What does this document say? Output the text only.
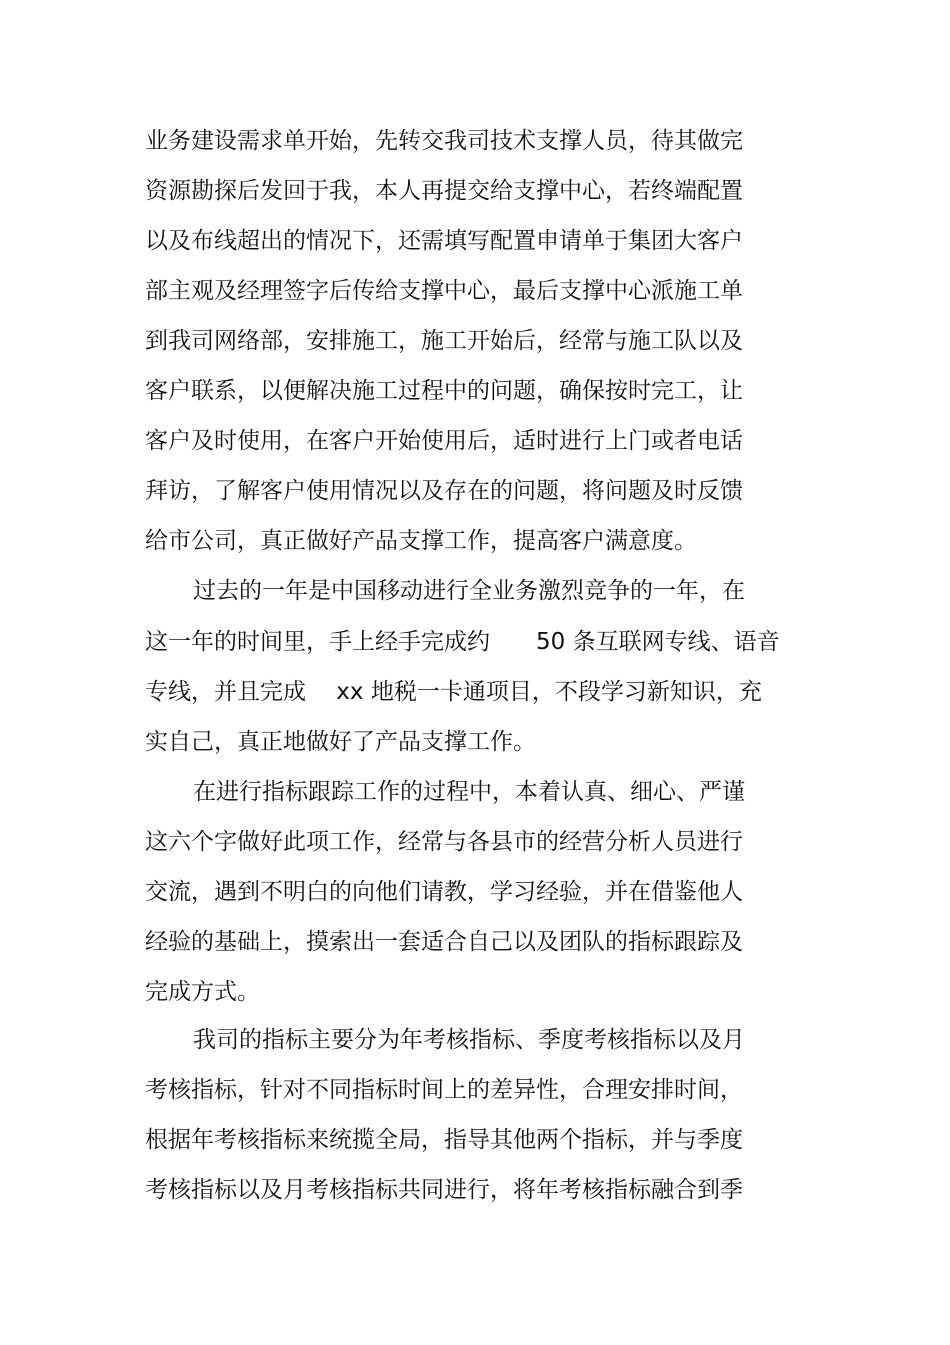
业务建设需求单开始，先转交我司技术支撑人员，待其做完
资源勘探后发回于我，本人再提交给支撑中心，若终端配置
以及布线超出的情况下，还需填写配置申请单于集团大客户
部主观及经理签字后传给支撑中心，最后支撑中心派施工单
到我司网络部，安排施工，施工开始后，经常与施工队以及
客户联系，以便解决施工过程中的问题，确保按时完工，让
客户及时使用，在客户开始使用后，适时进行上门或者电话
拜访，了解客户使用情况以及存在的问题，将问题及时反馈
给市公司，真正做好产品支撑工作，提高客户满意度。
过去的一年是中国移动进行全业务激烈竞争的一年，在
这一年的时间里，手上经手完成约　　50 条互联网专线、语音
专线，并且完成　 xx 地税一卡通项目，不段学习新知识，充
实自己，真正地做好了产品支撑工作。
在进行指标跟踪工作的过程中，本着认真、细心、严谨
这六个字做好此项工作，经常与各县市的经营分析人员进行
交流，遇到不明白的向他们请教，学习经验，并在借鉴他人
经验的基础上，摸索出一套适合自己以及团队的指标跟踪及
完成方式。
我司的指标主要分为年考核指标、季度考核指标以及月
考核指标，针对不同指标时间上的差异性，合理安排时间，
根据年考核指标来统揽全局，指导其他两个指标，并与季度
考核指标以及月考核指标共同进行，将年考核指标融合到季
